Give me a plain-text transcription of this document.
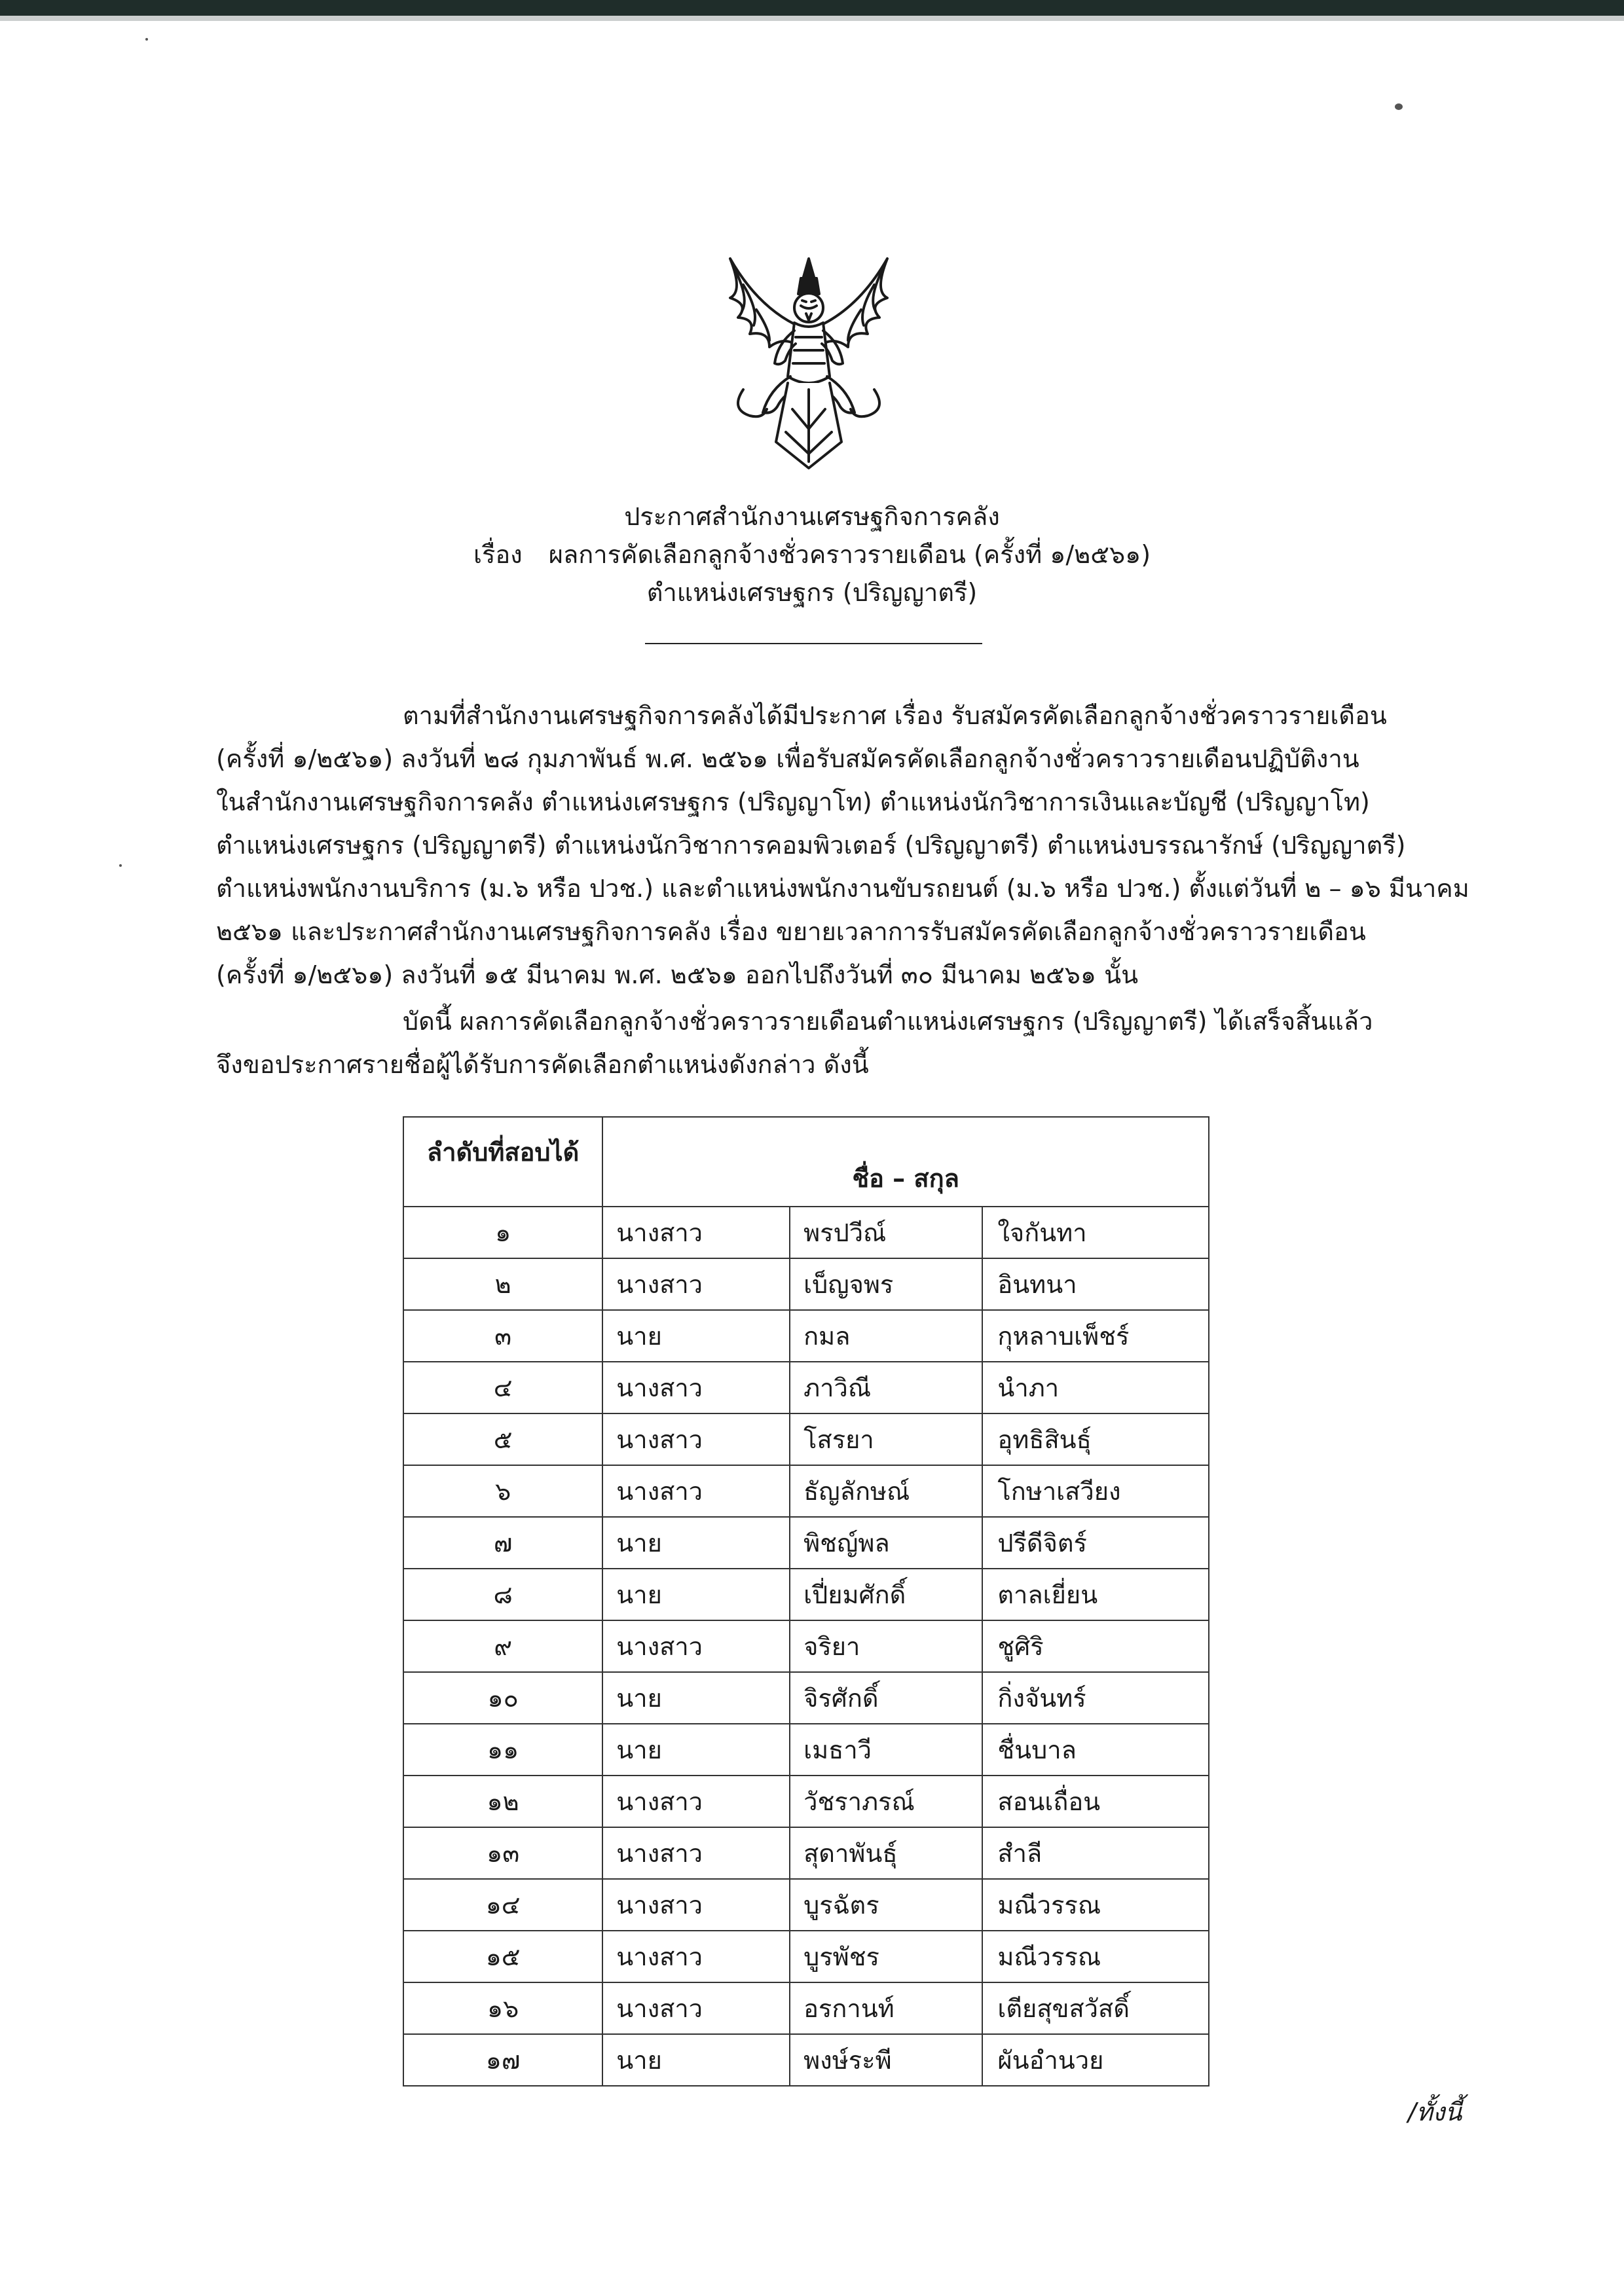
ประกาศสำนักงานเศรษฐกิจการคลัง
เรื่อง ผลการคัดเลือกลูกจ้างชั่วคราวรายเดือน (ครั้งที่ ๑/๒๕๖๑)
ตำแหน่งเศรษฐกร (ปริญญาตรี)
ตามที่สำนักงานเศรษฐกิจการคลังได้มีประกาศ เรื่อง รับสมัครคัดเลือกลูกจ้างชั่วคราวรายเดือน
(ครั้งที่ ๑/๒๕๖๑) ลงวันที่ ๒๘ กุมภาพันธ์ พ.ศ. ๒๕๖๑ เพื่อรับสมัครคัดเลือกลูกจ้างชั่วคราวรายเดือนปฏิบัติงาน
ในสำนักงานเศรษฐกิจการคลัง ตำแหน่งเศรษฐกร (ปริญญาโท) ตำแหน่งนักวิชาการเงินและบัญชี (ปริญญาโท)
ตำแหน่งเศรษฐกร (ปริญญาตรี) ตำแหน่งนักวิชาการคอมพิวเตอร์ (ปริญญาตรี) ตำแหน่งบรรณารักษ์ (ปริญญาตรี)
ตำแหน่งพนักงานบริการ (ม.๖ หรือ ปวช.) และตำแหน่งพนักงานขับรถยนต์ (ม.๖ หรือ ปวช.) ตั้งแต่วันที่ ๒ – ๑๖ มีนาคม
๒๕๖๑ และประกาศสำนักงานเศรษฐกิจการคลัง เรื่อง ขยายเวลาการรับสมัครคัดเลือกลูกจ้างชั่วคราวรายเดือน
(ครั้งที่ ๑/๒๕๖๑) ลงวันที่ ๑๕ มีนาคม พ.ศ. ๒๕๖๑ ออกไปถึงวันที่ ๓๐ มีนาคม ๒๕๖๑ นั้น
บัดนี้ ผลการคัดเลือกลูกจ้างชั่วคราวรายเดือนตำแหน่งเศรษฐกร (ปริญญาตรี) ได้เสร็จสิ้นแล้ว
จึงขอประกาศรายชื่อผู้ได้รับการคัดเลือกตำแหน่งดังกล่าว ดังนี้
ลำดับที่สอบได้	ชื่อ – สกุล		
๑	นางสาว	พรปวีณ์	ใจกันทา
๒	นางสาว	เบ็ญจพร	อินทนา
๓	นาย	กมล	กุหลาบเพ็ชร์
๔	นางสาว	ภาวิณี	นำภา
๕	นางสาว	โสรยา	อุทธิสินธุ์
๖	นางสาว	ธัญลักษณ์	โกษาเสวียง
๗	นาย	พิชญ์พล	ปรีดีจิตร์
๘	นาย	เปี่ยมศักดิ์	ตาลเยี่ยน
๙	นางสาว	จริยา	ชูศิริ
๑๐	นาย	จิรศักดิ์	กิ่งจันทร์
๑๑	นาย	เมธาวี	ชื่นบาล
๑๒	นางสาว	วัชราภรณ์	สอนเถื่อน
๑๓	นางสาว	สุดาพันธุ์	สำลี
๑๔	นางสาว	บูรฉัตร	มณีวรรณ
๑๕	นางสาว	บูรพัชร	มณีวรรณ
๑๖	นางสาว	อรกานท์	เตียสุขสวัสดิ์
๑๗	นาย	พงษ์ระพี	ผันอำนวย
/ทั้งนี้
